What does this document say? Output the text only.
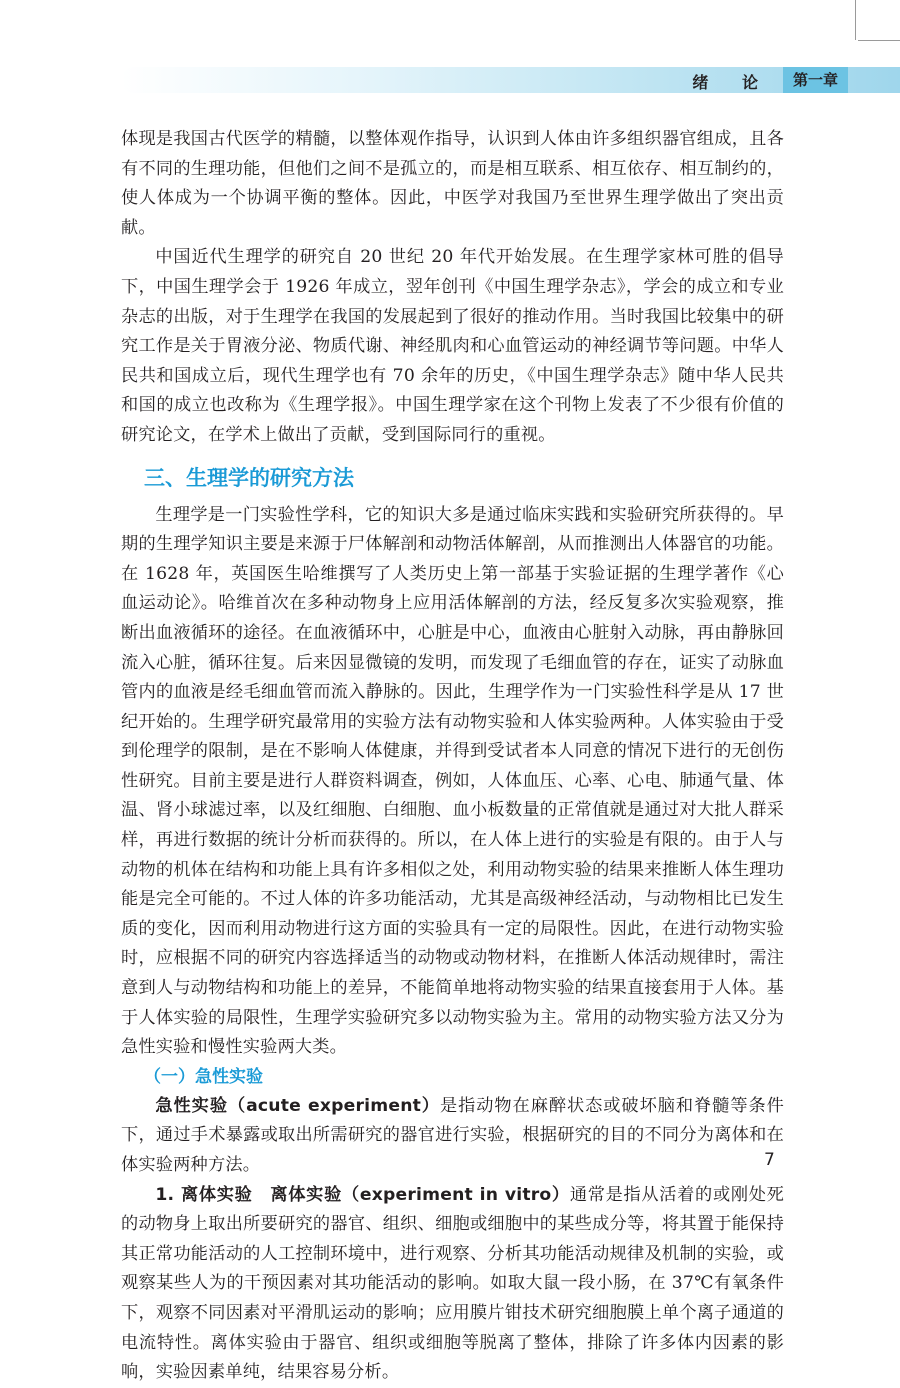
绪 论	第一章

体现是我国古代医学的精髓，以整体观作指导，认识到人体由许多组织器官组成，且各有不同的生理功能，但他们之间不是孤立的，而是相互联系、相互依存、相互制约的，使人体成为一个协调平衡的整体。因此，中医学对我国乃至世界生理学做出了突出贡献。

中国近代生理学的研究自 20 世纪 20 年代开始发展。在生理学家林可胜的倡导下，中国生理学会于 1926 年成立，翌年创刊《中国生理学杂志》，学会的成立和专业杂志的出版，对于生理学在我国的发展起到了很好的推动作用。当时我国比较集中的研究工作是关于胃液分泌、物质代谢、神经肌肉和心血管运动的神经调节等问题。中华人民共和国成立后，现代生理学也有 70 余年的历史，《中国生理学杂志》随中华人民共和国的成立也改称为《生理学报》。中国生理学家在这个刊物上发表了不少很有价值的研究论文，在学术上做出了贡献，受到国际同行的重视。

三、生理学的研究方法

生理学是一门实验性学科，它的知识大多是通过临床实践和实验研究所获得的。早期的生理学知识主要是来源于尸体解剖和动物活体解剖，从而推测出人体器官的功能。在 1628 年，英国医生哈维撰写了人类历史上第一部基于实验证据的生理学著作《心血运动论》。哈维首次在多种动物身上应用活体解剖的方法，经反复多次实验观察，推断出血液循环的途径。在血液循环中，心脏是中心，血液由心脏射入动脉，再由静脉回流入心脏，循环往复。后来因显微镜的发明，而发现了毛细血管的存在，证实了动脉血管内的血液是经毛细血管而流入静脉的。因此，生理学作为一门实验性科学是从 17 世纪开始的。生理学研究最常用的实验方法有动物实验和人体实验两种。人体实验由于受到伦理学的限制，是在不影响人体健康，并得到受试者本人同意的情况下进行的无创伤性研究。目前主要是进行人群资料调查，例如，人体血压、心率、心电、肺通气量、体温、肾小球滤过率，以及红细胞、白细胞、血小板数量的正常值就是通过对大批人群采样，再进行数据的统计分析而获得的。所以，在人体上进行的实验是有限的。由于人与动物的机体在结构和功能上具有许多相似之处，利用动物实验的结果来推断人体生理功能是完全可能的。不过人体的许多功能活动，尤其是高级神经活动，与动物相比已发生质的变化，因而利用动物进行这方面的实验具有一定的局限性。因此，在进行动物实验时，应根据不同的研究内容选择适当的动物或动物材料，在推断人体活动规律时，需注意到人与动物结构和功能上的差异，不能简单地将动物实验的结果直接套用于人体。基于人体实验的局限性，生理学实验研究多以动物实验为主。常用的动物实验方法又分为急性实验和慢性实验两大类。

（一）急性实验

急性实验（acute experiment）是指动物在麻醉状态或破坏脑和脊髓等条件下，通过手术暴露或取出所需研究的器官进行实验，根据研究的目的不同分为离体和在体实验两种方法。

1. 离体实验　离体实验（experiment in vitro）通常是指从活着的或刚处死的动物身上取出所要研究的器官、组织、细胞或细胞中的某些成分等，将其置于能保持其正常功能活动的人工控制环境中，进行观察、分析其功能活动规律及机制的实验，或观察某些人为的干预因素对其功能活动的影响。如取大鼠一段小肠，在 37℃有氧条件下，观察不同因素对平滑肌运动的影响；应用膜片钳技术研究细胞膜上单个离子通道的电流特性。离体实验由于器官、组织或细胞等脱离了整体，排除了许多体内因素的影响，实验因素单纯，结果容易分析。

7
